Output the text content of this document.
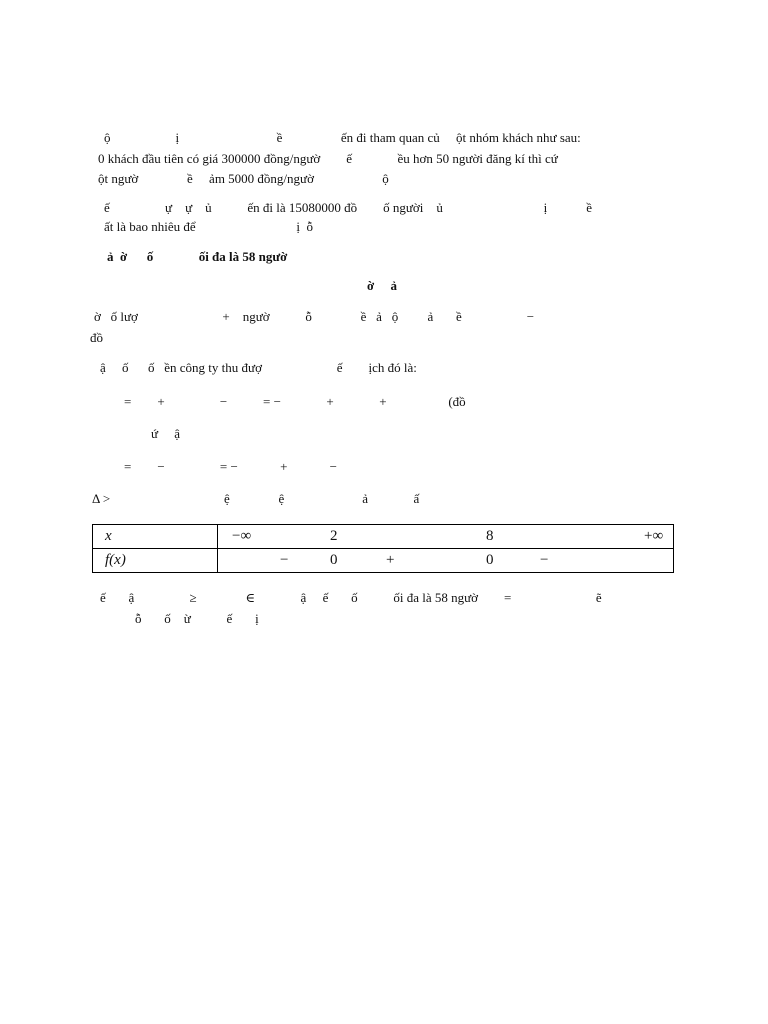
ộ                    ị                              ề                  ến đi tham quan củ     ột nhóm khách như sau:
0 khách đầu tiên có giá 300000 đồng/ngườ        ế              ều hơn 50 người đăng kí thì cứ
ột ngườ               ề     ảm 5000 đồng/ngườ                     ộ
ế                 ự    ự    ủ           ến đi là 15080000 đồ        ố người    ủ                               ị            ề
ất là bao nhiêu để                               ị  ỗ
ả  ờ      ố              ối đa là 58 ngườ
ờ     ả
ờ   ố lượ                          +    ngườ           ỗ               ề   ả   ộ         ả       ề                    −
đồ
ậ     ố      ố   ền công ty thu đượ                       ế        ịch đó là:
=        +                 −           = −              +              +                   (đồ
ứ     ậ
=        −                 = −             +             −
Δ >                                   ệ               ệ                        ả              ấ
x	−∞ 2 8 +∞

f(x)	− 0 + 0 −
ế       ậ                 ≥               ∈              ậ     ế       ố           ối đa là 58 ngườ        =                          ẽ
ỗ       ố    ừ           ế       ị
